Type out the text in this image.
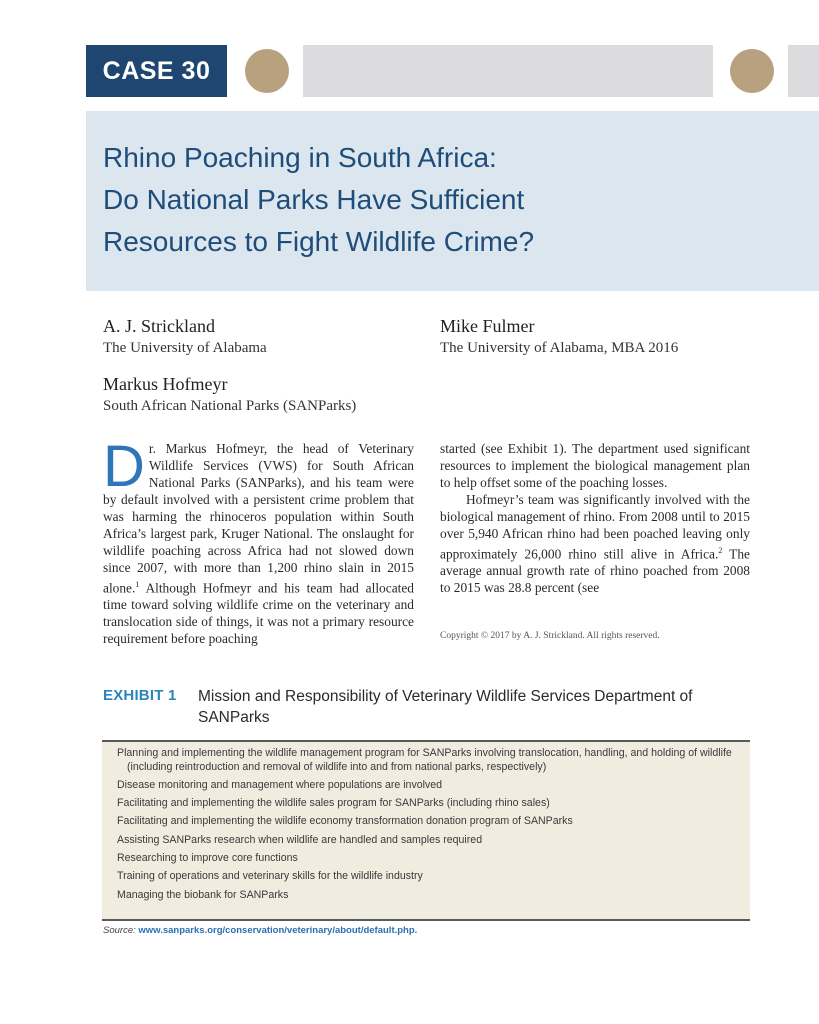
CASE 30
Rhino Poaching in South Africa:
Do National Parks Have Sufficient
Resources to Fight Wildlife Crime?
A. J. Strickland
The University of Alabama
Mike Fulmer
The University of Alabama, MBA 2016
Markus Hofmeyr
South African National Parks (SANParks)

Dr. Markus Hofmeyr, the head of Veterinary Wildlife Services (VWS) for South African National Parks (SANParks), and his team were by default involved with a persistent crime problem that was harming the rhinoceros population within South Africa’s largest park, Kruger National. The onslaught for wildlife poaching across Africa had not slowed down since 2007, with more than 1,200 rhino slain in 2015 alone.$^1$ Although Hofmeyr and his team had allocated time toward solving wildlife crime on the veterinary and translocation side of things, it was not a primary resource requirement before poaching

started (see Exhibit 1). The department used significant resources to implement the biological management plan to help offset some of the poaching losses.

Hofmeyr’s team was significantly involved with the biological management of rhino. From 2008 until to 2015 over 5,940 African rhino had been poached leaving only approximately 26,000 rhino still alive in Africa.$^2$ The average annual growth rate of rhino poached from 2008 to 2015 was 28.8 percent (see

Copyright © 2017 by A. J. Strickland. All rights reserved.
EXHIBIT 1 Mission and Responsibility of Veterinary Wildlife Services Department of SANParks
Planning and implementing the wildlife management program for SANParks involving translocation, handling, and holding of wildlife (including reintroduction and removal of wildlife into and from national parks, respectively)
Disease monitoring and management where populations are involved
Facilitating and implementing the wildlife sales program for SANParks (including rhino sales)
Facilitating and implementing the wildlife economy transformation donation program of SANParks
Assisting SANParks research when wildlife are handled and samples required
Researching to improve core functions
Training of operations and veterinary skills for the wildlife industry
Managing the biobank for SANParks
Source: www.sanparks.org/conservation/veterinary/about/default.php.
